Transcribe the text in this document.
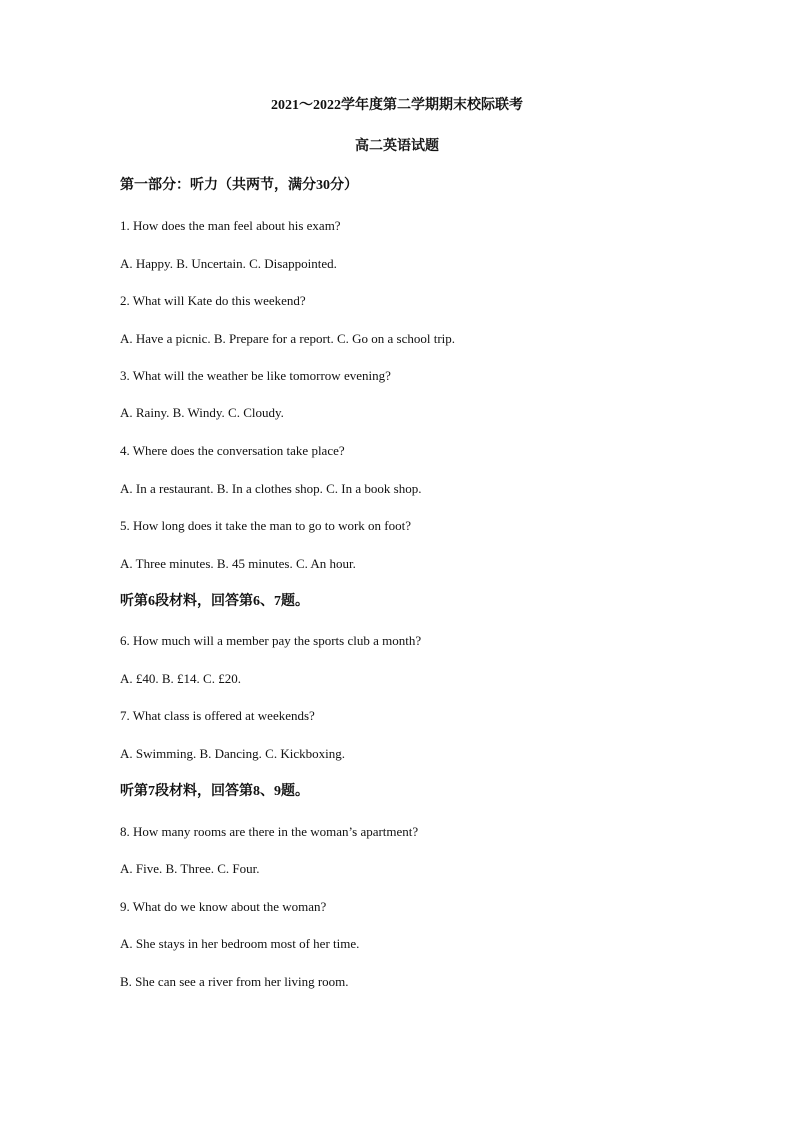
2021～2022学年度第二学期期末校际联考
高二英语试题
第一部分：听力（共两节，满分30分）
1. How does the man feel about his exam?
A. Happy. B. Uncertain. C. Disappointed.
2. What will Kate do this weekend?
A. Have a picnic. B. Prepare for a report. C. Go on a school trip.
3. What will the weather be like tomorrow evening?
A. Rainy. B. Windy. C. Cloudy.
4. Where does the conversation take place?
A. In a restaurant. B. In a clothes shop. C. In a book shop.
5. How long does it take the man to go to work on foot?
A. Three minutes. B. 45 minutes. C. An hour.
听第6段材料，回答第6、7题。
6. How much will a member pay the sports club a month?
A. £40. B. £14. C. £20.
7. What class is offered at weekends?
A. Swimming. B. Dancing. C. Kickboxing.
听第7段材料，回答第8、9题。
8. How many rooms are there in the woman’s apartment?
A. Five. B. Three. C. Four.
9. What do we know about the woman?
A. She stays in her bedroom most of her time.
B. She can see a river from her living room.
